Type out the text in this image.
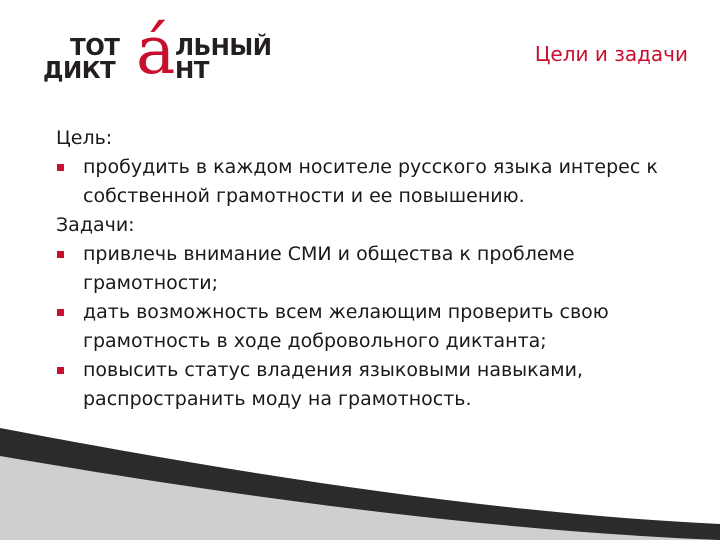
ТОТ á ЛЬНЫЙ
ДИКТ	НТ
Цели и задачи

Цель:

пробудить в каждом носителе русского языка интерес к собственной грамотности и ее повышению.

Задачи:

привлечь внимание СМИ и общества к проблеме грамотности;
дать возможность всем желающим проверить свою грамотность в ходе добровольного диктанта;
повысить статус владения языковыми навыками, распространить моду на грамотность.
